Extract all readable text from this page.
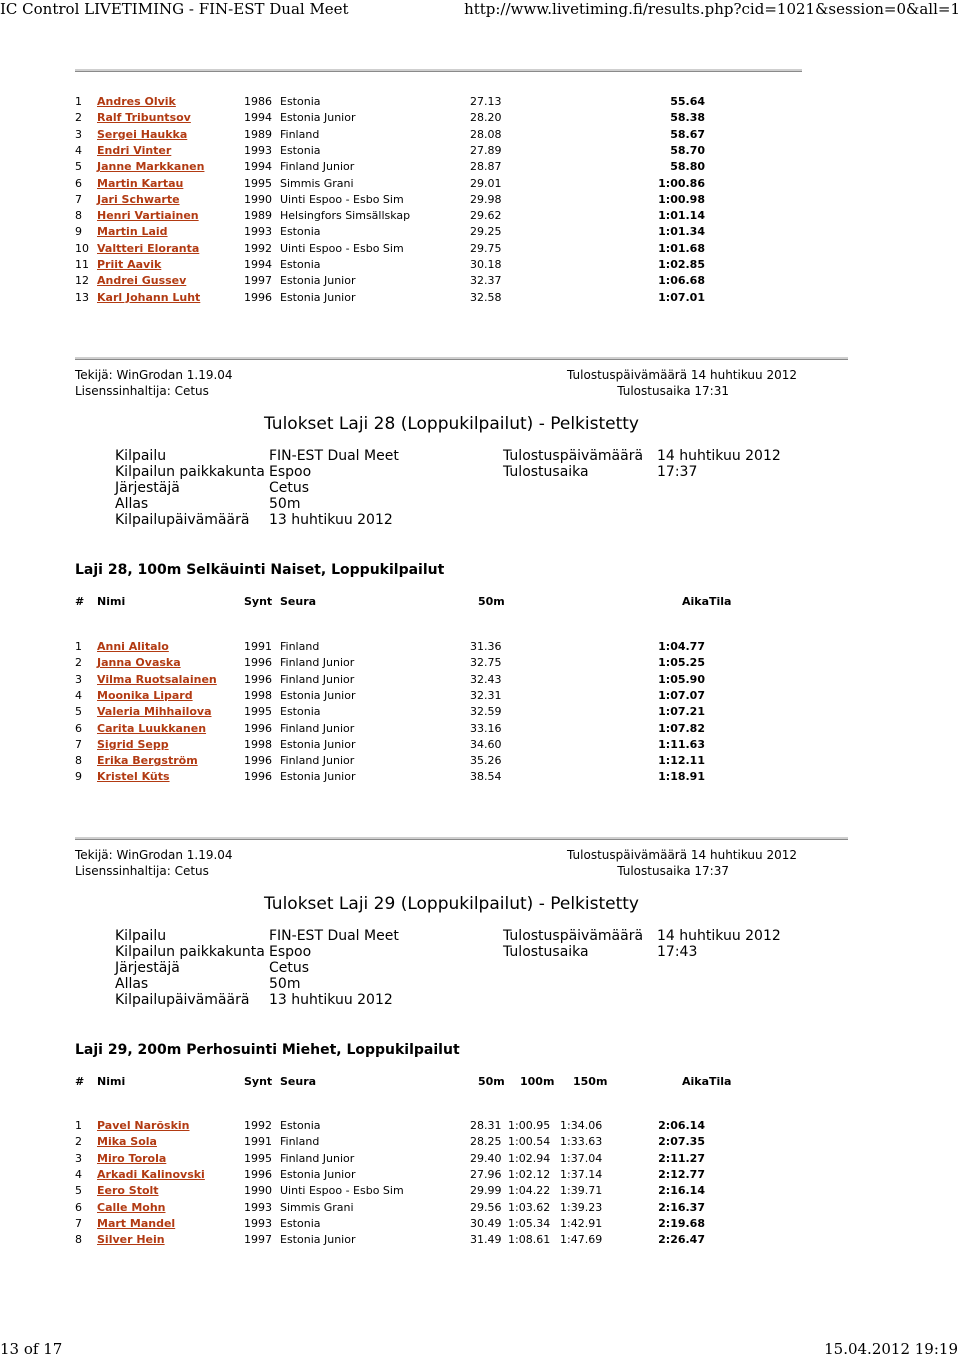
IC Control LIVETIMING - FIN-EST Dual Meet	http://www.livetiming.fi/results.php?cid=1021&session=0&all=1
13 of 17	15.04.2012 19:19
1 Andres Olvik	1986 Estonia	27.13	55.64
2 Ralf Tribuntsov	1994 Estonia Junior	28.20	58.38
3 Sergei Haukka	1989 Finland	28.08	58.67
4 Endri Vinter	1993 Estonia	27.89	58.70
5 Janne Markkanen	1994 Finland Junior	28.87	58.80
6 Martin Kartau	1995 Simmis Grani	29.01	1:00.86
7 Jari Schwarte	1990 Uinti Espoo - Esbo Sim	29.98	1:00.98
8 Henri Vartiainen	1989 Helsingfors Simsällskap	29.62	1:01.14
9 Martin Laid	1993 Estonia	29.25	1:01.34
10 Valtteri Eloranta	1992 Uinti Espoo - Esbo Sim	29.75	1:01.68
11 Priit Aavik	1994 Estonia	30.18	1:02.85
12 Andrei Gussev	1997 Estonia Junior	32.37	1:06.68
13 Karl Johann Luht	1996 Estonia Junior	32.58	1:07.01
Tekijä: WinGrodan 1.19.04	Tulostuspäivämäärä 14 huhtikuu 2012
Lisenssinhaltija: Cetus	Tulostusaika 17:31
Tulokset Laji 28 (Loppukilpailut) - Pelkistetty
Kilpailu	FIN-EST Dual Meet	Tulostuspäivämäärä 14 huhtikuu 2012
Kilpailun paikkakunta Espoo	Tulostusaika	17:37
Järjestäjä	Cetus
Allas	50m
Kilpailupäivämäärä 13 huhtikuu 2012
Laji 28, 100m Selkäuinti Naiset, Loppukilpailut
# Nimi	Synt Seura	50m	Aika Tila
1 Anni Alitalo	1991 Finland	31.36	1:04.77
2 Janna Ovaska	1996 Finland Junior	32.75	1:05.25
3 Vilma Ruotsalainen 1996 Finland Junior	32.43	1:05.90
4 Moonika Lipard	1998 Estonia Junior	32.31	1:07.07
5 Valeria Mihhailova	1995 Estonia	32.59	1:07.21
6 Carita Luukkanen	1996 Finland Junior	33.16	1:07.82
7 Sigrid Sepp	1998 Estonia Junior	34.60	1:11.63
8 Erika Bergström	1996 Finland Junior	35.26	1:12.11
9 Kristel Küts	1996 Estonia Junior	38.54	1:18.91
Tekijä: WinGrodan 1.19.04	Tulostuspäivämäärä 14 huhtikuu 2012
Lisenssinhaltija: Cetus	Tulostusaika 17:37
Tulokset Laji 29 (Loppukilpailut) - Pelkistetty
Kilpailu	FIN-EST Dual Meet	Tulostuspäivämäärä 14 huhtikuu 2012
Kilpailun paikkakunta Espoo	Tulostusaika	17:43
Järjestäjä	Cetus
Allas	50m
Kilpailupäivämäärä 13 huhtikuu 2012
Laji 29, 200m Perhosuinti Miehet, Loppukilpailut
# Nimi	Synt Seura	50m 100m 150m	Aika Tila
1 Pavel Narõskin	1992 Estonia	28.31 1:00.95 1:34.06	2:06.14
2 Mika Sola	1991 Finland	28.25 1:00.54 1:33.63	2:07.35
3 Miro Torola	1995 Finland Junior	29.40 1:02.94 1:37.04	2:11.27
4 Arkadi Kalinovski	1996 Estonia Junior	27.96 1:02.12 1:37.14	2:12.77
5 Eero Stolt	1990 Uinti Espoo - Esbo Sim	29.99 1:04.22 1:39.71	2:16.14
6 Calle Mohn	1993 Simmis Grani	29.56 1:03.62 1:39.23	2:16.37
7 Mart Mandel	1993 Estonia	30.49 1:05.34 1:42.91	2:19.68
8 Silver Hein	1997 Estonia Junior	31.49 1:08.61 1:47.69	2:26.47
